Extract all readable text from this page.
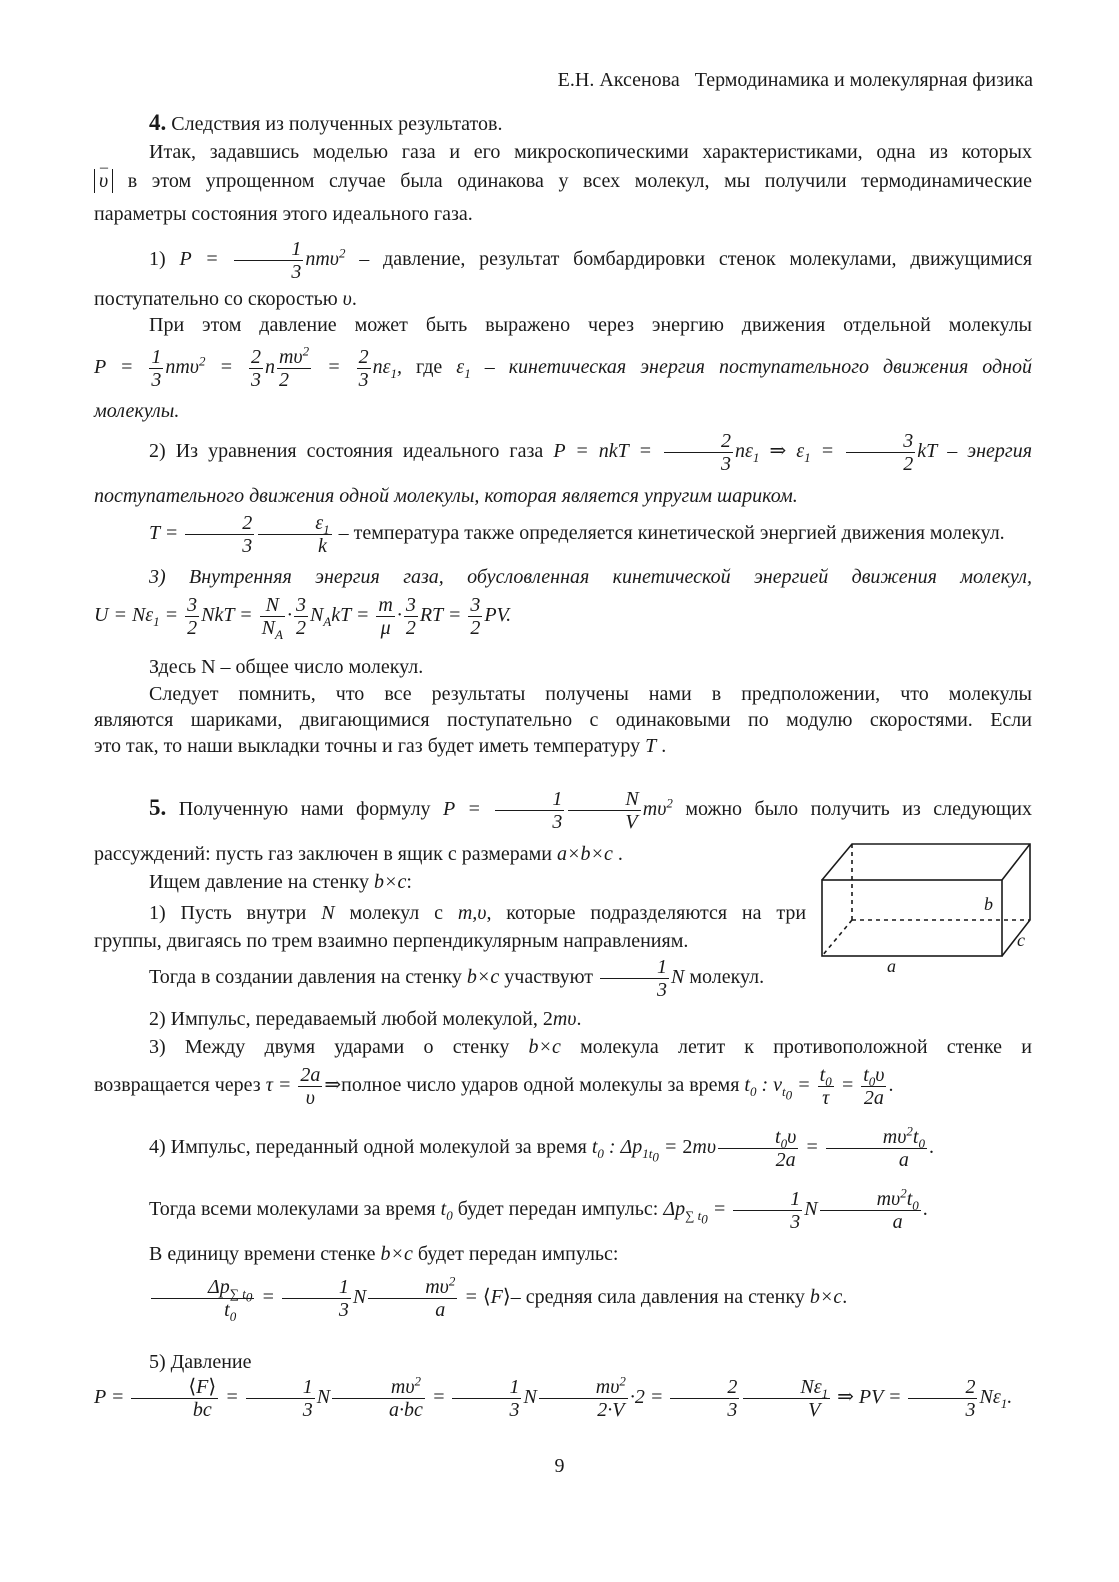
Е.Н. Аксенова Термодинамика и молекулярная физика
4. Следствия из полученных результатов.
Итак, задавшись моделью газа и его микроскопическими характеристиками, одна из которых
– υ в этом упрощенном случае была одинакова у всех молекул, мы получили термодинамические
параметры состояния этого идеального газа.
1) $P = \frac{1}{3} nm\upsilon^2$ – давление, результат бомбардировки стенок молекулами, движущимися
поступательно со скоростью υ.
При этом давление может быть выражено через энергию движения отдельной молекулы
$P = \frac{1}{3} nm\upsilon^2 = \frac{2}{3}$ n $\frac{m\upsilon^2}{2} = \frac{2}{3} n\varepsilon_1$, где $\varepsilon_1$ – кинетическая энергия поступательного движения одной
молекулы.
2) Из уравнения состояния идеального газа P = nkT = $\frac{2}{3} n\varepsilon_1$ ⇒ $\varepsilon_1 = \frac{3}{2}$ kT – энергия
поступательного движения одной молекулы, которая является упругим шариком.
$T = \frac{2}{3} \frac{\varepsilon_1}{k}$ – температура также определяется кинетической энергией движения молекул.
3) Внутренняя энергия газа, обусловленная кинетической энергией движения молекул,
$U = N\varepsilon_1 = \frac{3}{2}$ NkT = $\frac{N}{N_A} \cdot \frac{3}{2} N_AkT = \frac{m}{\mu} \cdot \frac{3}{2}$ RT = $\frac{3}{2}$ PV.
Здесь N – общее число молекул.
Следует помнить, что все результаты получены нами в предположении, что молекулы
являются шариками, двигающимися поступательно с одинаковыми по модулю скоростями. Если
это так, то наши выкладки точны и газ будет иметь температуру T .
5. Полученную нами формулу $P = \frac{1}{3} \frac{N}{V} m\upsilon^2$ можно было получить из следующих
рассуждений: пусть газ заключен в ящик с размерами a×b×c .
Ищем давление на стенку b×c:
1) Пусть внутри N молекул с m,υ, которые подразделяются на три
группы, двигаясь по трем взаимно перпендикулярным направлениям.
Тогда в создании давления на стенку b×c участвуют $\frac{1}{3}$ N молекул.
b
c
a
2) Импульс, передаваемый любой молекулой, 2mυ.
3) Между двумя ударами о стенку b×c молекула летит к противоположной стенке и
возвращается через $\tau = \frac{2a}{\upsilon}$ ⇒полное число ударов одной молекулы за время $t_0$ : $\nu_{t_0} = \frac{t_0}{\tau} = \frac{t_0\upsilon}{2a}$ .
4) Импульс, переданный одной молекулой за время $t_0$ : $\Delta p_{1t_0} = 2m\upsilon \frac{t_0\upsilon}{2a} = \frac{m\upsilon^2t_0}{a}$ .
Тогда всеми молекулами за время $t_0$ будет передан импульс: $\Delta p_{\sum t_0} = \frac{1}{3}$ N $\frac{m\upsilon^2t_0}{a}$ .
В единицу времени стенке b×c будет передан импульс:
$\frac{\Delta p_{\sum t_0}}{t_0} = \frac{1}{3}$ N $\frac{m\upsilon^2}{a}$ = ⟨F⟩– средняя сила давления на стенку b×c.
5) Давление $P = \frac{⟨F⟩}{bc} = \frac{1}{3}$ N $\frac{m\upsilon^2}{a\cdot bc} = \frac{1}{3}$ N $\frac{m\upsilon^2}{2\cdot V} \cdot 2 = \frac{2}{3} \frac{N\varepsilon_1}{V}$ ⇒ PV = $\frac{2}{3} N\varepsilon_1$.
9
